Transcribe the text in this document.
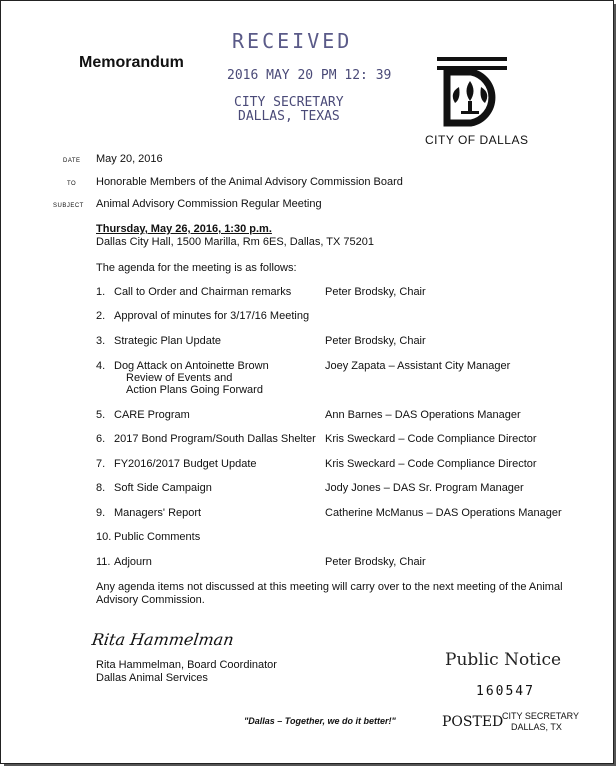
Memorandum
RECEIVED
2016 MAY 20 PM 12: 39
CITY SECRETARY
DALLAS, TEXAS
CITY OF DALLAS
DATE May 20, 2016
TO Honorable Members of the Animal Advisory Commission Board
SUBJECT Animal Advisory Commission Regular Meeting
Thursday, May 26, 2016, 1:30 p.m.
Dallas City Hall, 1500 Marilla, Rm 6ES, Dallas, TX 75201
The agenda for the meeting is as follows:
1. Call to Order and Chairman remarks	Peter Brodsky, Chair
2. Approval of minutes for 3/17/16 Meeting
3. Strategic Plan Update	Peter Brodsky, Chair
4. Dog Attack on Antoinette Brown
Review of Events and
Action Plans Going Forward
Joey Zapata – Assistant City Manager
5. CARE Program	Ann Barnes – DAS Operations Manager
6. 2017 Bond Program/South Dallas Shelter Kris Sweckard – Code Compliance Director
7. FY2016/2017 Budget Update	Kris Sweckard – Code Compliance Director
8. Soft Side Campaign	Jody Jones – DAS Sr. Program Manager
9. Managers' Report	Catherine McManus – DAS Operations Manager
10. Public Comments
11. Adjourn	Peter Brodsky, Chair
Any agenda items not discussed at this meeting will carry over to the next meeting of the Animal
Advisory Commission.
Rita Hammelman
Rita Hammelman, Board Coordinator
Dallas Animal Services
"Dallas – Together, we do it better!"
Public Notice
160547
POSTED
CITY SECRETARY
DALLAS, TX
